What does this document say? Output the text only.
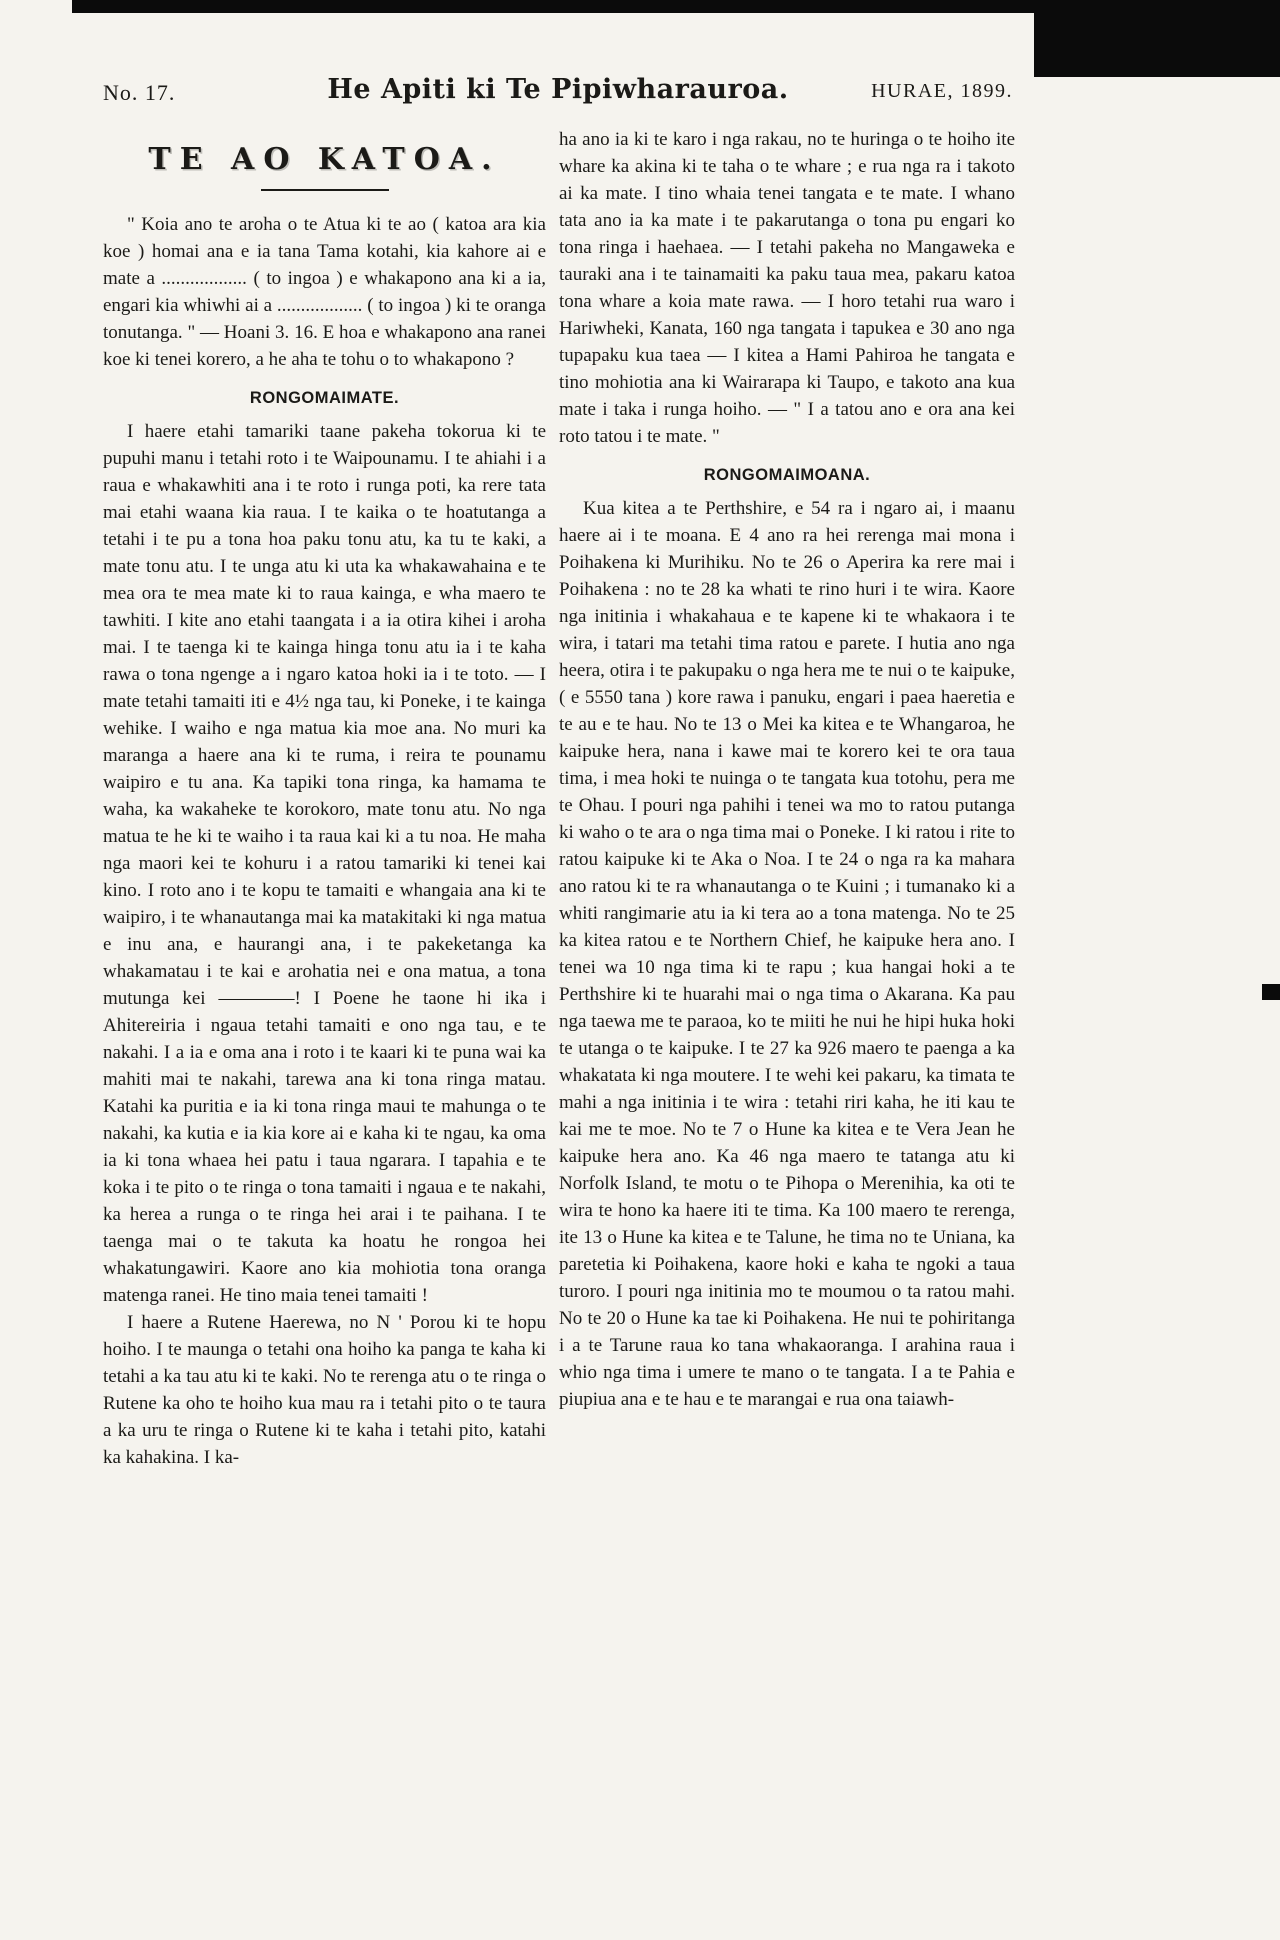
No. 17.	He Apiti ki Te Pipiwharauroa.	HURAE, 1899.
TE AO KATOA.

" Koia ano te aroha o te Atua ki te ao ( katoa ara kia koe ) homai ana e ia tana Tama kotahi, kia kahore ai e mate a .................. ( to ingoa ) e whakapono ana ki a ia, engari kia whiwhi ai a .................. ( to ingoa ) ki te oranga tonutanga. " — Hoani 3. 16. E hoa e whakapono ana ranei koe ki tenei korero, a he aha te tohu o to whakapono ?

RONGOMAIMATE.

I haere etahi tamariki taane pakeha tokorua ki te pupuhi manu i tetahi roto i te Waipounamu. I te ahiahi i a raua e whakawhiti ana i te roto i runga poti, ka rere tata mai etahi waana kia raua. I te kaika o te hoatutanga a tetahi i te pu a tona hoa paku tonu atu, ka tu te kaki, a mate tonu atu. I te unga atu ki uta ka whakawahaina e te mea ora te mea mate ki to raua kainga, e wha maero te tawhiti. I kite ano etahi taangata i a ia otira kihei i aroha mai. I te taenga ki te kainga hinga tonu atu ia i te kaha rawa o tona ngenge a i ngaro katoa hoki ia i te toto. — I mate tetahi tamaiti iti e 4½ nga tau, ki Poneke, i te kainga wehike. I waiho e nga matua kia moe ana. No muri ka maranga a haere ana ki te ruma, i reira te pounamu waipiro e tu ana. Ka tapiki tona ringa, ka hamama te waha, ka wakaheke te korokoro, mate tonu atu. No nga matua te he ki te waiho i ta raua kai ki a tu noa. He maha nga maori kei te kohuru i a ratou tamariki ki tenei kai kino. I roto ano i te kopu te tamaiti e whangaia ana ki te waipiro, i te whanautanga mai ka matakitaki ki nga matua e inu ana, e haurangi ana, i te pakeketanga ka whakamatau i te kai e arohatia nei e ona matua, a tona mutunga kei ————! I Poene he taone hi ika i Ahitereiria i ngaua tetahi tamaiti e ono nga tau, e te nakahi. I a ia e oma ana i roto i te kaari ki te puna wai ka mahiti mai te nakahi, tarewa ana ki tona ringa matau. Katahi ka puritia e ia ki tona ringa maui te mahunga o te nakahi, ka kutia e ia kia kore ai e kaha ki te ngau, ka oma ia ki tona whaea hei patu i taua ngarara. I tapahia e te koka i te pito o te ringa o tona tamaiti i ngaua e te nakahi, ka herea a runga o te ringa hei arai i te paihana. I te taenga mai o te takuta ka hoatu he rongoa hei whakatungawiri. Kaore ano kia mohiotia tona oranga matenga ranei. He tino maia tenei tamaiti !

I haere a Rutene Haerewa, no N ' Porou ki te hopu hoiho. I te maunga o tetahi ona hoiho ka panga te kaha ki tetahi a ka tau atu ki te kaki. No te rerenga atu o te ringa o Rutene ka oho te hoiho kua mau ra i tetahi pito o te taura a ka uru te ringa o Rutene ki te kaha i tetahi pito, katahi ka kahakina. I ka-

ha ano ia ki te karo i nga rakau, no te huringa o te hoiho ite whare ka akina ki te taha o te whare ; e rua nga ra i takoto ai ka mate. I tino whaia tenei tangata e te mate. I whano tata ano ia ka mate i te pakarutanga o tona pu engari ko tona ringa i haehaea. — I tetahi pakeha no Mangaweka e tauraki ana i te tainamaiti ka paku taua mea, pakaru katoa tona whare a koia mate rawa. — I horo tetahi rua waro i Hariwheki, Kanata, 160 nga tangata i tapukea e 30 ano nga tupapaku kua taea — I kitea a Hami Pahiroa he tangata e tino mohiotia ana ki Wairarapa ki Taupo, e takoto ana kua mate i taka i runga hoiho. — " I a tatou ano e ora ana kei roto tatou i te mate. "

RONGOMAIMOANA.

Kua kitea a te Perthshire, e 54 ra i ngaro ai, i maanu haere ai i te moana. E 4 ano ra hei rerenga mai mona i Poihakena ki Murihiku. No te 26 o Aperira ka rere mai i Poihakena : no te 28 ka whati te rino huri i te wira. Kaore nga initinia i whakahaua e te kapene ki te whakaora i te wira, i tatari ma tetahi tima ratou e parete. I hutia ano nga heera, otira i te pakupaku o nga hera me te nui o te kaipuke, ( e 5550 tana ) kore rawa i panuku, engari i paea haeretia e te au e te hau. No te 13 o Mei ka kitea e te Whangaroa, he kaipuke hera, nana i kawe mai te korero kei te ora taua tima, i mea hoki te nuinga o te tangata kua totohu, pera me te Ohau. I pouri nga pahihi i tenei wa mo to ratou putanga ki waho o te ara o nga tima mai o Poneke. I ki ratou i rite to ratou kaipuke ki te Aka o Noa. I te 24 o nga ra ka mahara ano ratou ki te ra whanautanga o te Kuini ; i tumanako ki a whiti rangimarie atu ia ki tera ao a tona matenga. No te 25 ka kitea ratou e te Northern Chief, he kaipuke hera ano. I tenei wa 10 nga tima ki te rapu ; kua hangai hoki a te Perthshire ki te huarahi mai o nga tima o Akarana. Ka pau nga taewa me te paraoa, ko te miiti he nui he hipi huka hoki te utanga o te kaipuke. I te 27 ka 926 maero te paenga a ka whakatata ki nga moutere. I te wehi kei pakaru, ka timata te mahi a nga initinia i te wira : tetahi riri kaha, he iti kau te kai me te moe. No te 7 o Hune ka kitea e te Vera Jean he kaipuke hera ano. Ka 46 nga maero te tatanga atu ki Norfolk Island, te motu o te Pihopa o Merenihia, ka oti te wira te hono ka haere iti te tima. Ka 100 maero te rerenga, ite 13 o Hune ka kitea e te Talune, he tima no te Uniana, ka paretetia ki Poihakena, kaore hoki e kaha te ngoki a taua turoro. I pouri nga initinia mo te moumou o ta ratou mahi. No te 20 o Hune ka tae ki Poihakena. He nui te pohiritanga i a te Tarune raua ko tana whakaoranga. I arahina raua i whio nga tima i umere te mano o te tangata. I a te Pahia e piupiua ana e te hau e te marangai e rua ona taiawh-
